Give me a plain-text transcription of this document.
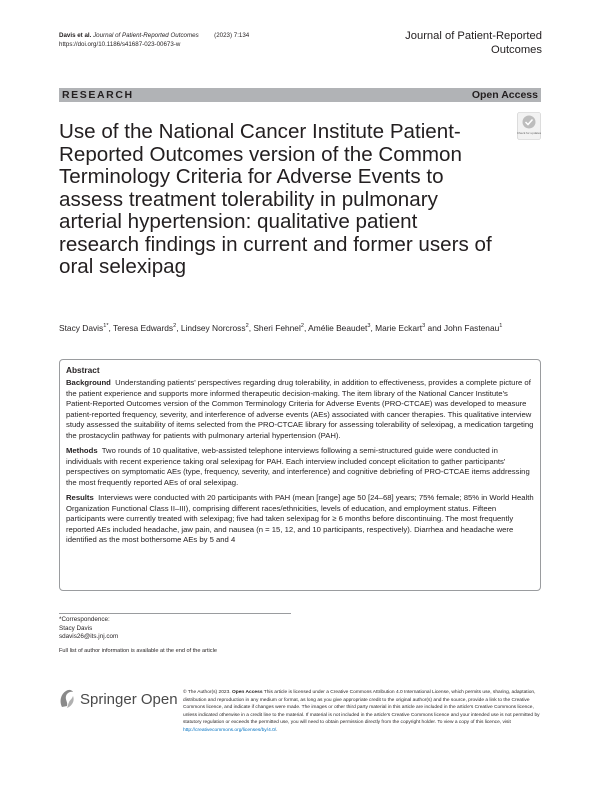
Davis et al. Journal of Patient-Reported Outcomes (2023) 7:134
https://doi.org/10.1186/s41687-023-00673-w
Journal of Patient-Reported Outcomes
RESEARCH	Open Access
Use of the National Cancer Institute Patient-Reported Outcomes version of the Common Terminology Criteria for Adverse Events to assess treatment tolerability in pulmonary arterial hypertension: qualitative patient research findings in current and former users of oral selexipag
Check for updates
Stacy Davis$^{1*}$, Teresa Edwards$^2$, Lindsey Norcross$^2$, Sheri Fehnel$^2$, Amélie Beaudet$^3$, Marie Eckart$^3$ and John Fastenau$^1$
Abstract

Background Understanding patients' perspectives regarding drug tolerability, in addition to effectiveness, provides a complete picture of the patient experience and supports more informed therapeutic decision-making. The item library of the National Cancer Institute's Patient-Reported Outcomes version of the Common Terminology Criteria for Adverse Events (PRO-CTCAE) was developed to measure patient-reported frequency, severity, and interference of adverse events (AEs) associated with cancer therapies. This qualitative interview study assessed the suitability of items selected from the PRO-CTCAE library for assessing tolerability of selexipag, a medication targeting the prostacyclin pathway for patients with pulmonary arterial hypertension (PAH).

Methods Two rounds of 10 qualitative, web-assisted telephone interviews following a semi-structured guide were conducted in individuals with recent experience taking oral selexipag for PAH. Each interview included concept elicitation to gather participants' perspectives on symptomatic AEs (type, frequency, severity, and interference) and cognitive debriefing of PRO-CTCAE items addressing the most frequently reported AEs of oral selexipag.

Results Interviews were conducted with 20 participants with PAH (mean [range] age 50 [24–68] years; 75% female; 85% in World Health Organization Functional Class II–III), comprising different races/ethnicities, levels of education, and employment status. Fifteen participants were currently treated with selexipag; five had taken selexipag for ≥ 6 months before discontinuing. The most frequently reported AEs included headache, jaw pain, and nausea (n = 15, 12, and 10 participants, respectively). Diarrhea and headache were identified as the most bothersome AEs by 5 and 4

*Correspondence:
Stacy Davis
sdavis26@its.jnj.com
Full list of author information is available at the end of the article
Springer Open © The Author(s) 2023. Open Access This article is licensed under a Creative Commons Attribution 4.0 International License, which permits use, sharing, adaptation, distribution and reproduction in any medium or format, as long as you give appropriate credit to the original author(s) and the source, provide a link to the Creative Commons licence, and indicate if changes were made. The images or other third party material in this article are included in the article's Creative Commons licence, unless indicated otherwise in a credit line to the material. If material is not included in the article's Creative Commons licence and your intended use is not permitted by statutory regulation or exceeds the permitted use, you will need to obtain permission directly from the copyright holder. To view a copy of this licence, visit http://creativecommons.org/licenses/by/4.0/.
